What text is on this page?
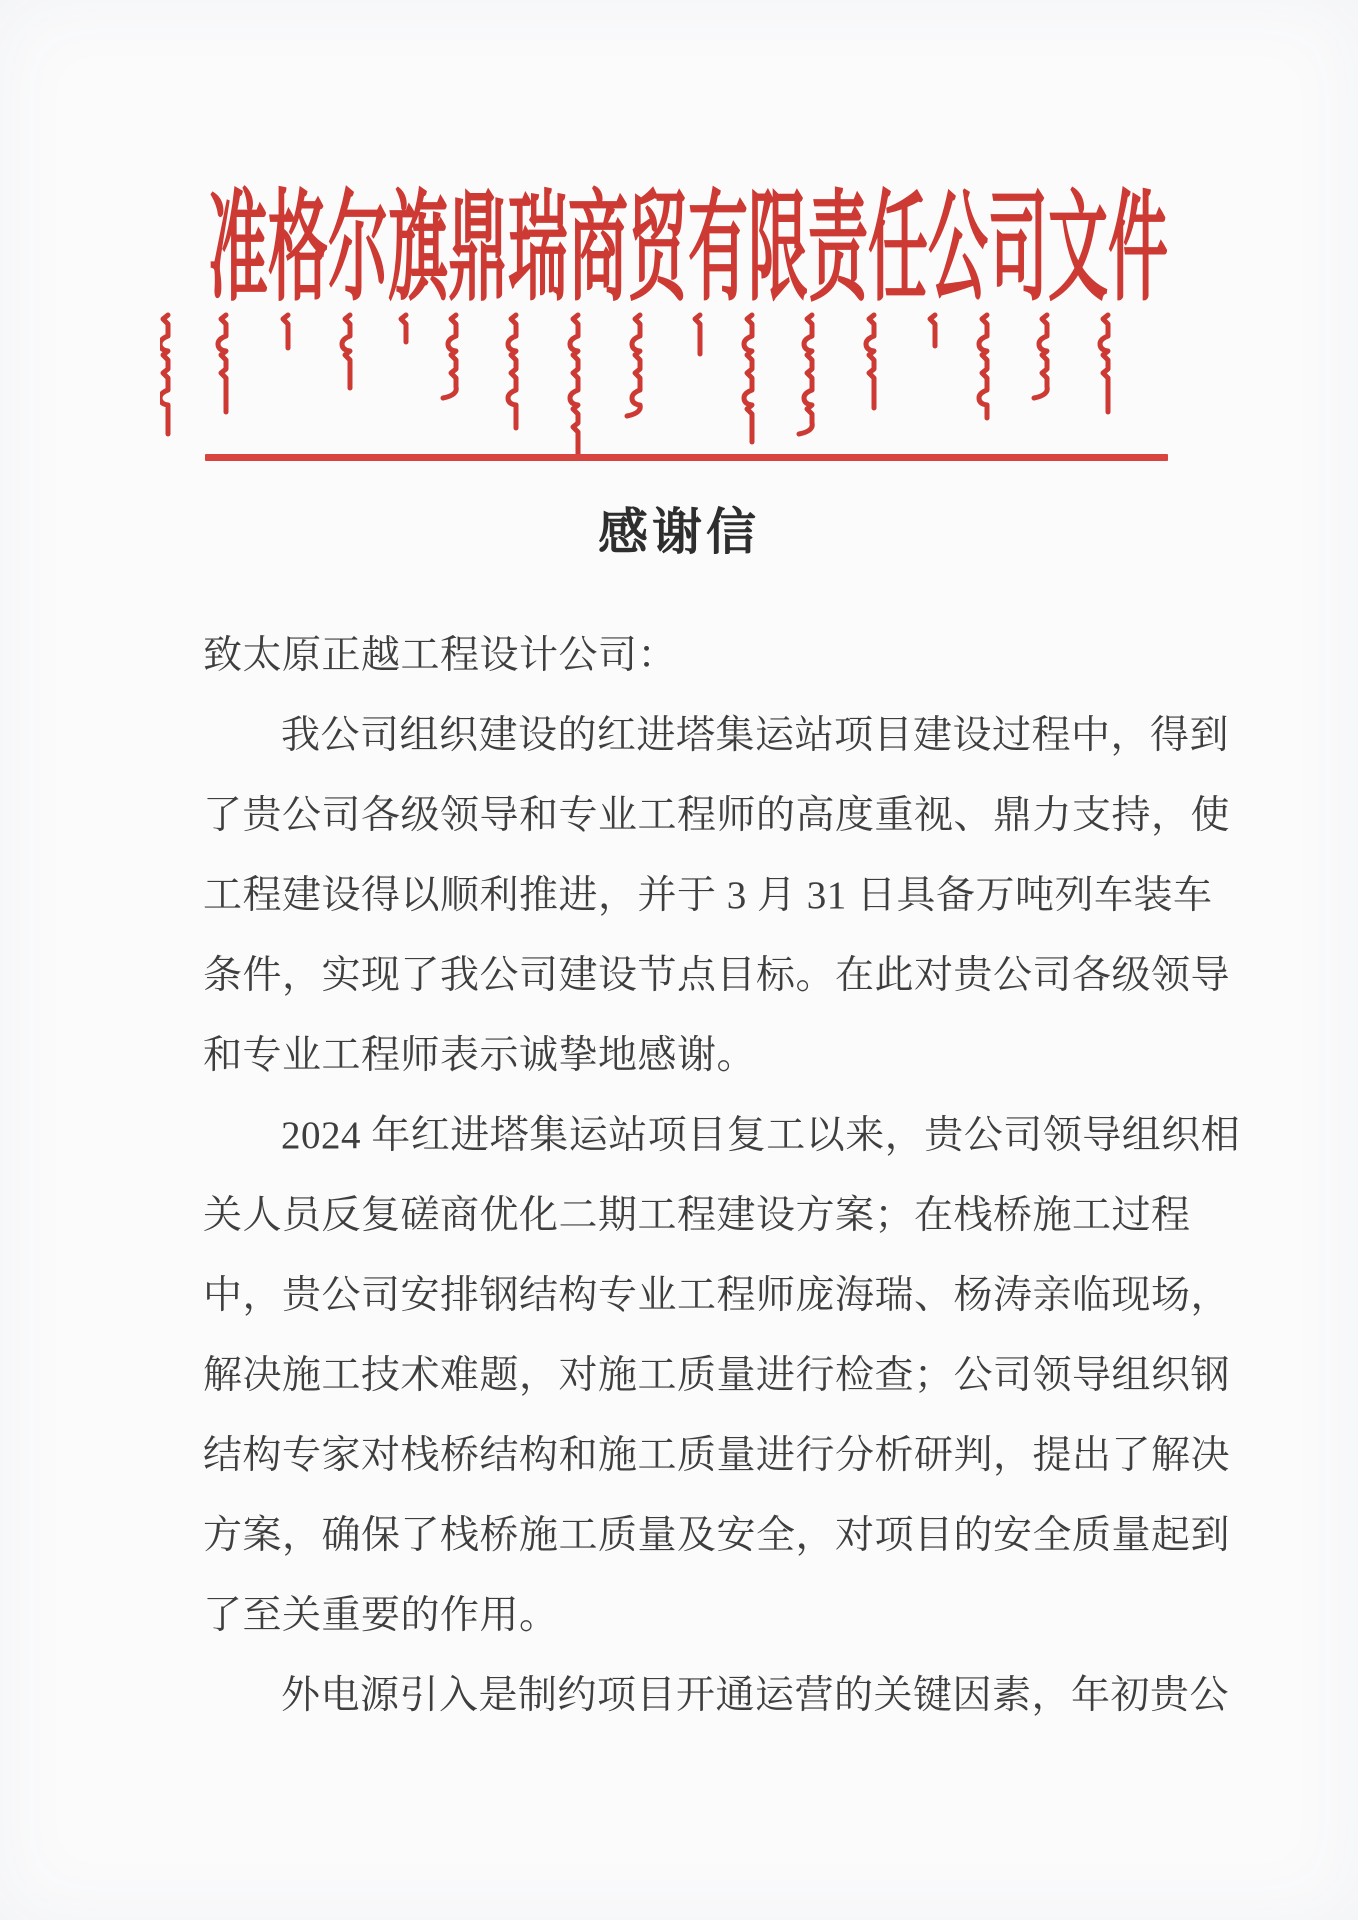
准格尔旗鼎瑞商贸有限责任公司文件
感谢信
致太原正越工程设计公司：
我公司组织建设的红进塔集运站项目建设过程中，得到
了贵公司各级领导和专业工程师的高度重视、鼎力支持，使
工程建设得以顺利推进，并于 3 月 31 日具备万吨列车装车
条件，实现了我公司建设节点目标。在此对贵公司各级领导
和专业工程师表示诚挚地感谢。
2024 年红进塔集运站项目复工以来，贵公司领导组织相
关人员反复磋商优化二期工程建设方案；在栈桥施工过程
中，贵公司安排钢结构专业工程师庞海瑞、杨涛亲临现场，
解决施工技术难题，对施工质量进行检查；公司领导组织钢
结构专家对栈桥结构和施工质量进行分析研判，提出了解决
方案，确保了栈桥施工质量及安全，对项目的安全质量起到
了至关重要的作用。
外电源引入是制约项目开通运营的关键因素，年初贵公
